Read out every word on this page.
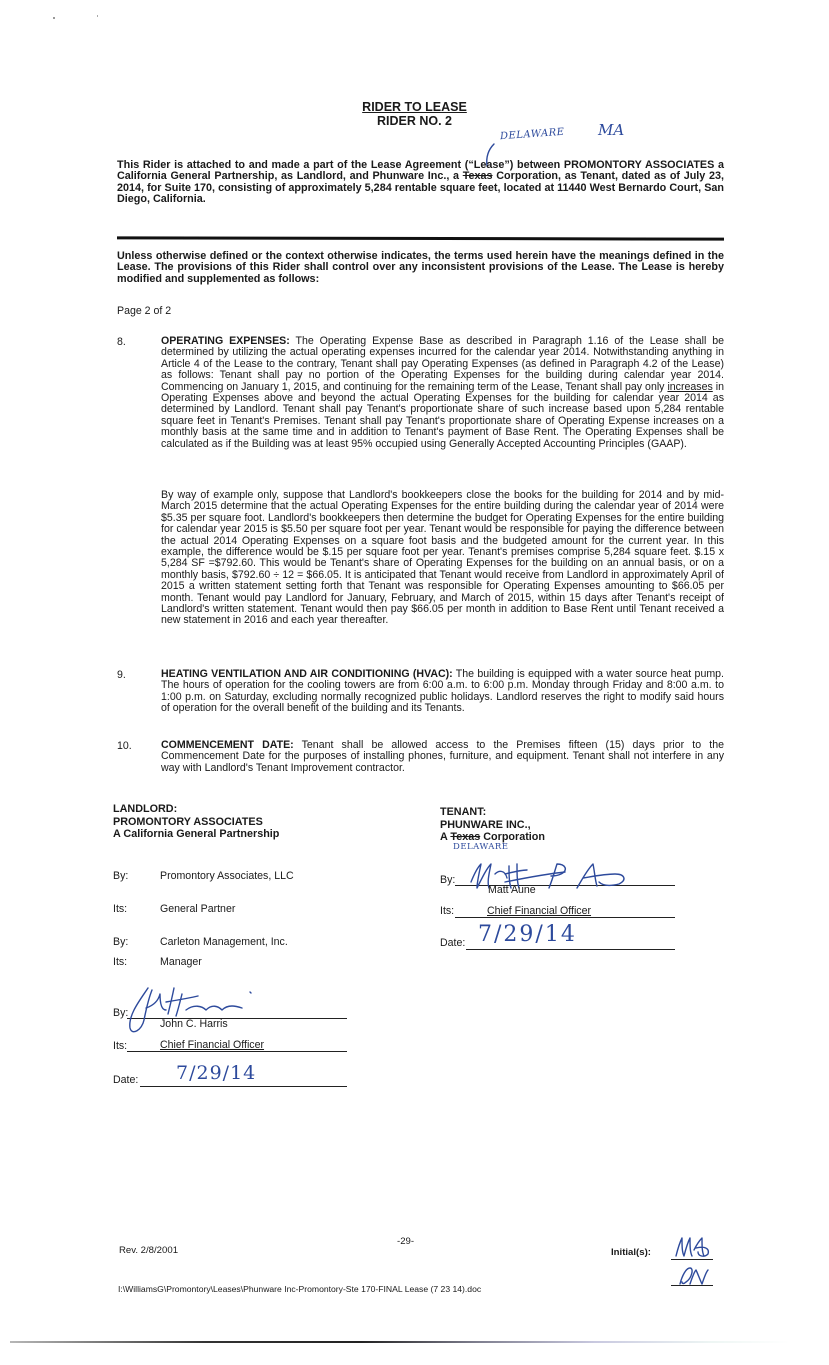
RIDER TO LEASE
RIDER NO. 2
DELAWARE MA
This Rider is attached to and made a part of the Lease Agreement (“Lease”) between PROMONTORY ASSOCIATES a California General Partnership, as Landlord, and Phunware Inc., a Texas Corporation, as Tenant, dated as of July 23, 2014, for Suite 170, consisting of approximately 5,284 rentable square feet, located at 11440 West Bernardo Court, San Diego, California.
Unless otherwise defined or the context otherwise indicates, the terms used herein have the meanings defined in the Lease. The provisions of this Rider shall control over any inconsistent provisions of the Lease. The Lease is hereby modified and supplemented as follows:
Page 2 of 2
8.	OPERATING EXPENSES: The Operating Expense Base as described in Paragraph 1.16 of the Lease shall be determined by utilizing the actual operating expenses incurred for the calendar year 2014. Notwithstanding anything in Article 4 of the Lease to the contrary, Tenant shall pay Operating Expenses (as defined in Paragraph 4.2 of the Lease) as follows: Tenant shall pay no portion of the Operating Expenses for the building during calendar year 2014. Commencing on January 1, 2015, and continuing for the remaining term of the Lease, Tenant shall pay only increases in Operating Expenses above and beyond the actual Operating Expenses for the building for calendar year 2014 as determined by Landlord. Tenant shall pay Tenant's proportionate share of such increase based upon 5,284 rentable square feet in Tenant's Premises. Tenant shall pay Tenant's proportionate share of Operating Expense increases on a monthly basis at the same time and in addition to Tenant's payment of Base Rent. The Operating Expenses shall be calculated as if the Building was at least 95% occupied using Generally Accepted Accounting Principles (GAAP).
By way of example only, suppose that Landlord's bookkeepers close the books for the building for 2014 and by mid-March 2015 determine that the actual Operating Expenses for the entire building during the calendar year of 2014 were $5.35 per square foot. Landlord's bookkeepers then determine the budget for Operating Expenses for the entire building for calendar year 2015 is $5.50 per square foot per year. Tenant would be responsible for paying the difference between the actual 2014 Operating Expenses on a square foot basis and the budgeted amount for the current year. In this example, the difference would be $.15 per square foot per year. Tenant's premises comprise 5,284 square feet. $.15 x 5,284 SF =$792.60. This would be Tenant's share of Operating Expenses for the building on an annual basis, or on a monthly basis, $792.60 ÷ 12 = $66.05. It is anticipated that Tenant would receive from Landlord in approximately April of 2015 a written statement setting forth that Tenant was responsible for Operating Expenses amounting to $66.05 per month. Tenant would pay Landlord for January, February, and March of 2015, within 15 days after Tenant's receipt of Landlord's written statement. Tenant would then pay $66.05 per month in addition to Base Rent until Tenant received a new statement in 2016 and each year thereafter.
9.	HEATING VENTILATION AND AIR CONDITIONING (HVAC): The building is equipped with a water source heat pump. The hours of operation for the cooling towers are from 6:00 a.m. to 6:00 p.m. Monday through Friday and 8:00 a.m. to 1:00 p.m. on Saturday, excluding normally recognized public holidays. Landlord reserves the right to modify said hours of operation for the overall benefit of the building and its Tenants.
10.	COMMENCEMENT DATE: Tenant shall be allowed access to the Premises fifteen (15) days prior to the Commencement Date for the purposes of installing phones, furniture, and equipment. Tenant shall not interfere in any way with Landlord's Tenant Improvement contractor.
LANDLORD:
PROMONTORY ASSOCIATES
A California General Partnership
By:	Promontory Associates, LLC
Its:	General Partner
By:	Carleton Management, Inc.
Its:	Manager
By:
John C. Harris
Its:	Chief Financial Officer
Date: 7/29/14
TENANT:
PHUNWARE INC.,
A Texas Corporation
DELAWARE
By:
Matt Aune
Its:	Chief Financial Officer
Date: 7/29/14
-29-
Rev. 2/8/2001	Initial(s):
I:\WilliamsG\Promontory\Leases\Phunware Inc-Promontory-Ste 170-FINAL Lease (7 23 14).doc
